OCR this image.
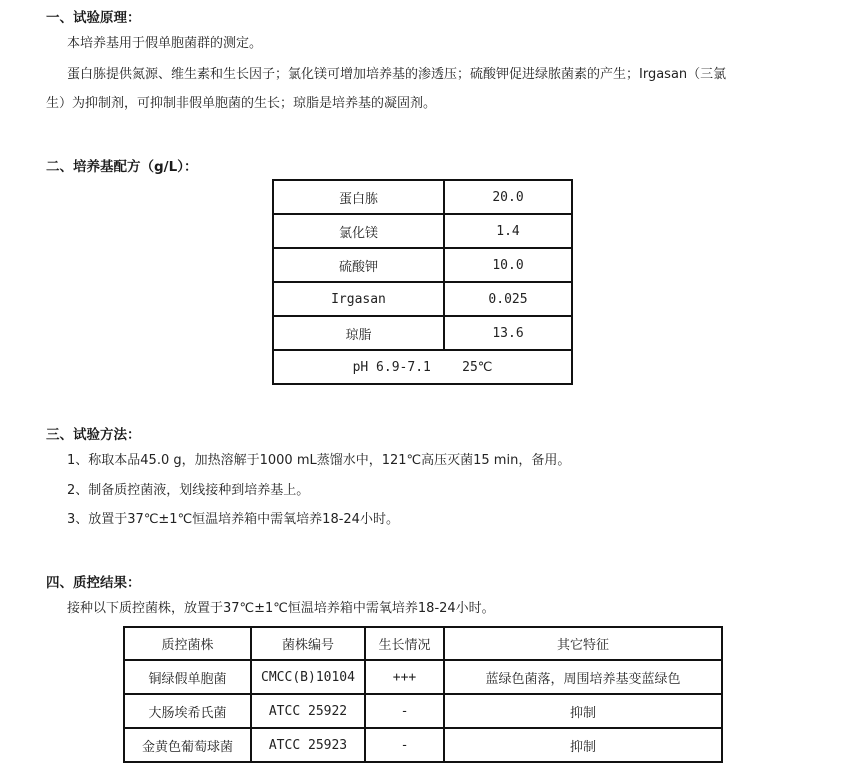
一、试验原理：
本培养基用于假单胞菌群的测定。
蛋白胨提供氮源、维生素和生长因子；氯化镁可增加培养基的渗透压；硫酸钾促进绿脓菌素的产生；Irgasan（三氯
生）为抑制剂，可抑制非假单胞菌的生长；琼脂是培养基的凝固剂。
二、培养基配方（g/L）：
蛋白胨	20.0
氯化镁	1.4
硫酸钾	10.0
Irgasan	0.025
琼脂	13.6
pH 6.9-7.1    25℃	
三、试验方法：
1、称取本品45.0 g，加热溶解于1000 mL蒸馏水中，121℃高压灭菌15 min，备用。
2、制备质控菌液，划线接种到培养基上。
3、放置于37℃±1℃恒温培养箱中需氧培养18-24小时。
四、质控结果：
接种以下质控菌株，放置于37℃±1℃恒温培养箱中需氧培养18-24小时。
质控菌株	菌株编号	生长情况	其它特征
铜绿假单胞菌	CMCC(B)10104	+++	蓝绿色菌落，周围培养基变蓝绿色
大肠埃希氏菌	ATCC 25922	-	抑制
金黄色葡萄球菌	ATCC 25923	-	抑制
